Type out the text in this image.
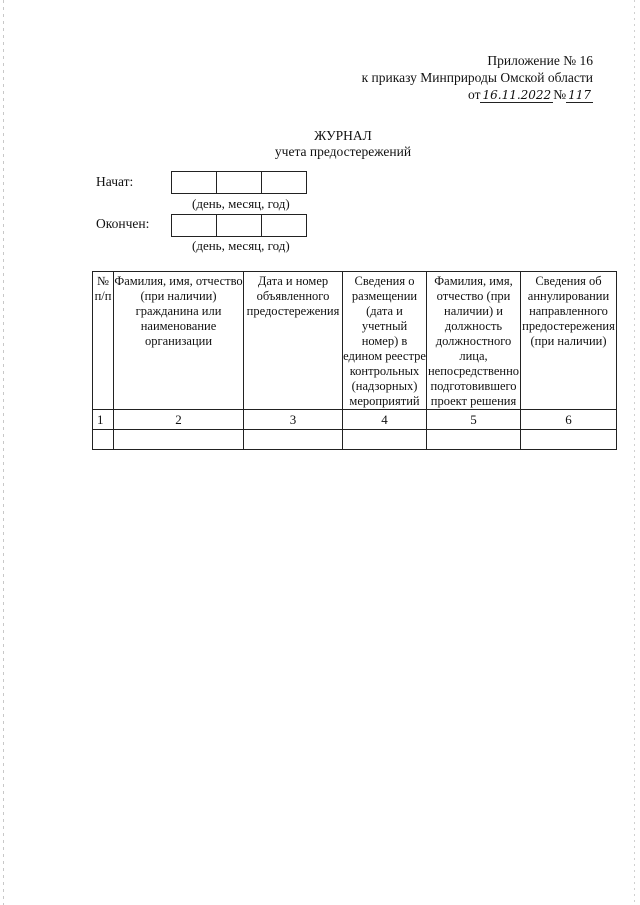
Приложение № 16
к приказу Минприроды Омской области
от 16.11.2022 № 117
ЖУРНАЛ
учета предостережений
Начат:
(день, месяц, год)
Окончен:
(день, месяц, год)
№ п/п	Фамилия, имя, отчество (при наличии) гражданина или наименование организации	Дата и номер объявленного предостережения	Сведения о размещении (дата и учетный номер) в едином реестре контрольных (надзорных) мероприятий	Фамилия, имя, отчество (при наличии) и должность должностного лица, непосредственно подготовившего проект решения	Сведения об аннулировании направленного предостережения (при наличии)
1	2	3	4	5	6
